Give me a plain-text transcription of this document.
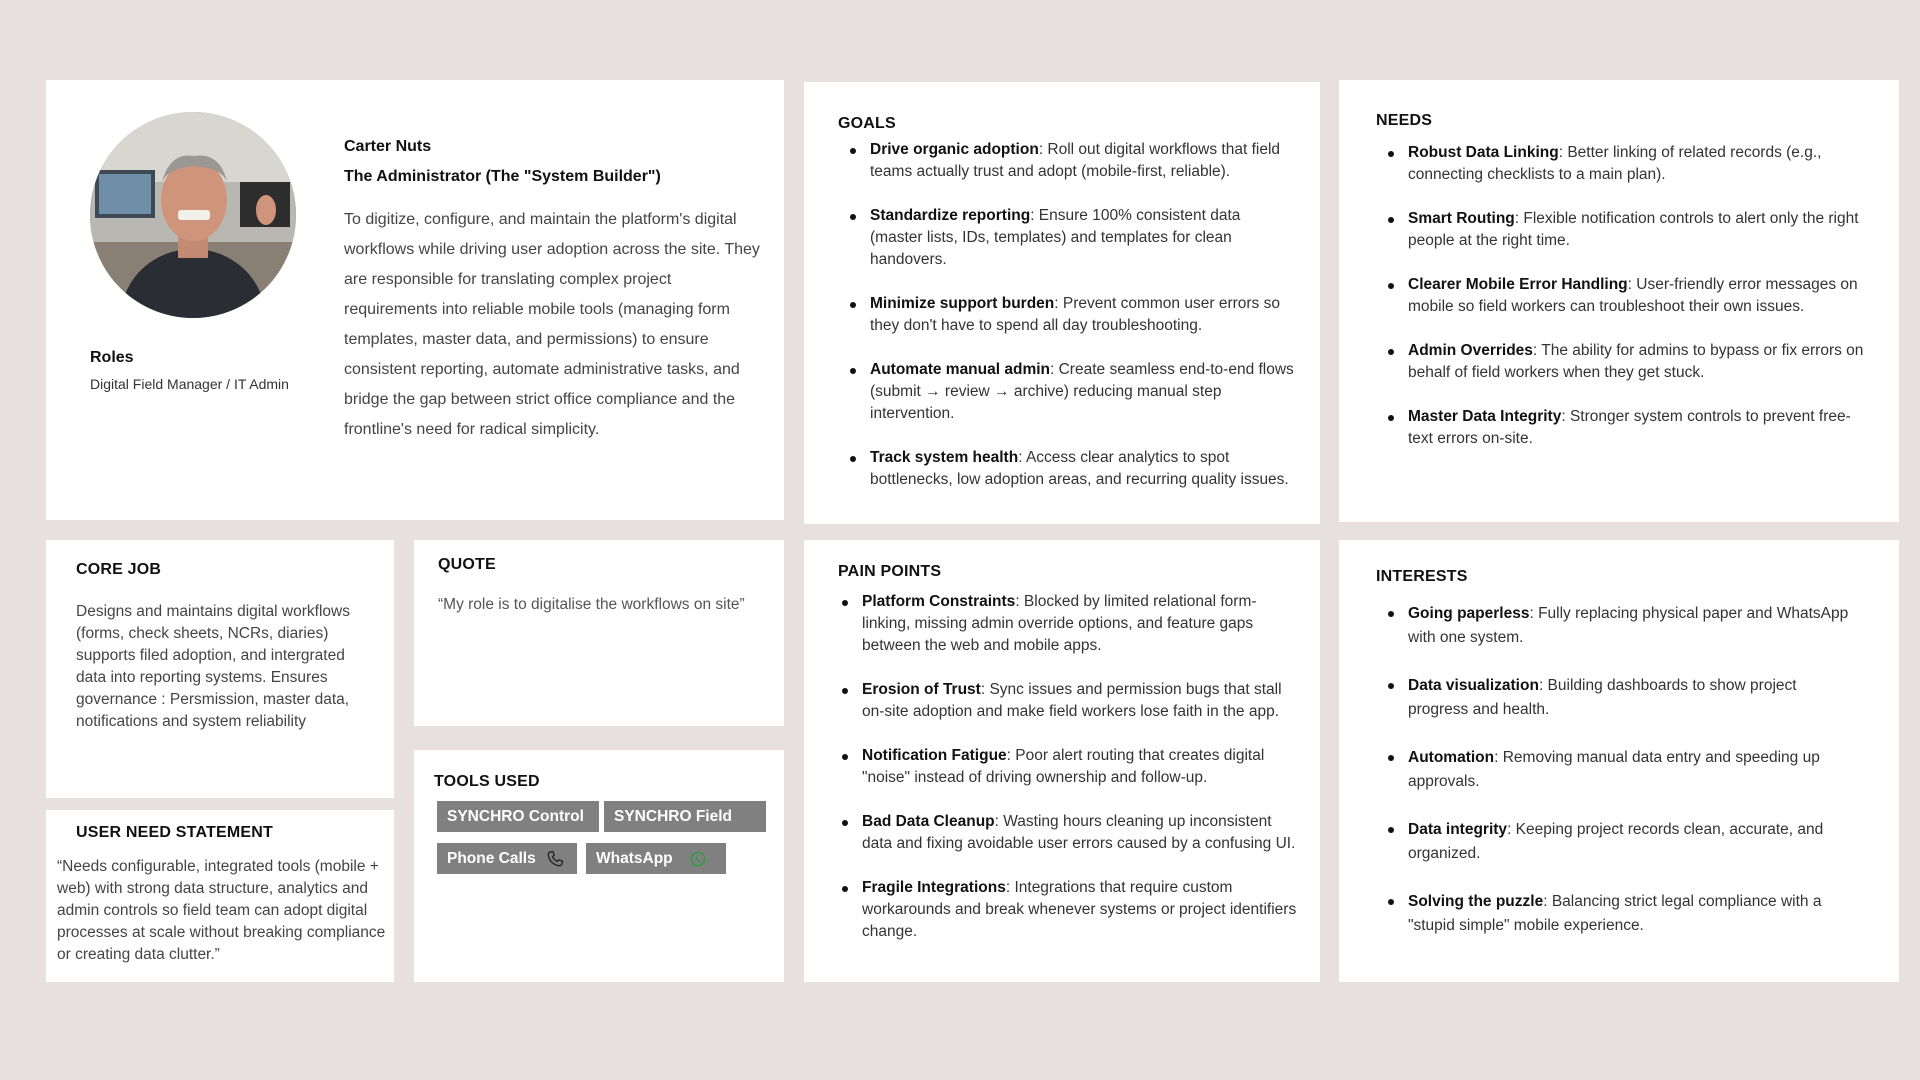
Roles
Digital Field Manager / IT Admin
Carter Nuts
The Administrator (The "System Builder")
To digitize, configure, and maintain the platform's digital workflows while driving user adoption across the site. They are responsible for translating complex project requirements into reliable mobile tools (managing form templates, master data, and permissions) to ensure consistent reporting, automate administrative tasks, and bridge the gap between strict office compliance and the frontline's need for radical simplicity.
GOALS
Drive organic adoption: Roll out digital workflows that field teams actually trust and adopt (mobile-first, reliable).
Standardize reporting: Ensure 100% consistent data (master lists, IDs, templates) and templates for clean handovers.
Minimize support burden: Prevent common user errors so they don't have to spend all day troubleshooting.
Automate manual admin: Create seamless end-to-end flows (submit → review → archive) reducing manual step intervention.
Track system health: Access clear analytics to spot bottlenecks, low adoption areas, and recurring quality issues.
NEEDS
Robust Data Linking: Better linking of related records (e.g., connecting checklists to a main plan).
Smart Routing: Flexible notification controls to alert only the right people at the right time.
Clearer Mobile Error Handling: User-friendly error messages on mobile so field workers can troubleshoot their own issues.
Admin Overrides: The ability for admins to bypass or fix errors on behalf of field workers when they get stuck.
Master Data Integrity: Stronger system controls to prevent free-text errors on-site.
CORE JOB
Designs and maintains digital workflows (forms, check sheets, NCRs, diaries) supports filed adoption, and intergrated data into reporting systems. Ensures governance : Persmission, master data, notifications and system reliability
USER NEED STATEMENT
“Needs configurable, integrated tools (mobile + web) with strong data structure, analytics and admin controls so field team can adopt digital processes at scale without breaking compliance or creating data clutter.”
QUOTE
“My role is to digitalise the workflows on site”
TOOLS USED
SYNCHRO Control	SYNCHRO Field
Phone Calls	WhatsApp
PAIN POINTS
Platform Constraints: Blocked by limited relational form-linking, missing admin override options, and feature gaps between the web and mobile apps.
Erosion of Trust: Sync issues and permission bugs that stall on-site adoption and make field workers lose faith in the app.
Notification Fatigue: Poor alert routing that creates digital "noise" instead of driving ownership and follow-up.
Bad Data Cleanup: Wasting hours cleaning up inconsistent data and fixing avoidable user errors caused by a confusing UI.
Fragile Integrations: Integrations that require custom workarounds and break whenever systems or project identifiers change.
INTERESTS
Going paperless: Fully replacing physical paper and WhatsApp with one system.
Data visualization: Building dashboards to show project progress and health.
Automation: Removing manual data entry and speeding up approvals.
Data integrity: Keeping project records clean, accurate, and organized.
Solving the puzzle: Balancing strict legal compliance with a "stupid simple" mobile experience.
